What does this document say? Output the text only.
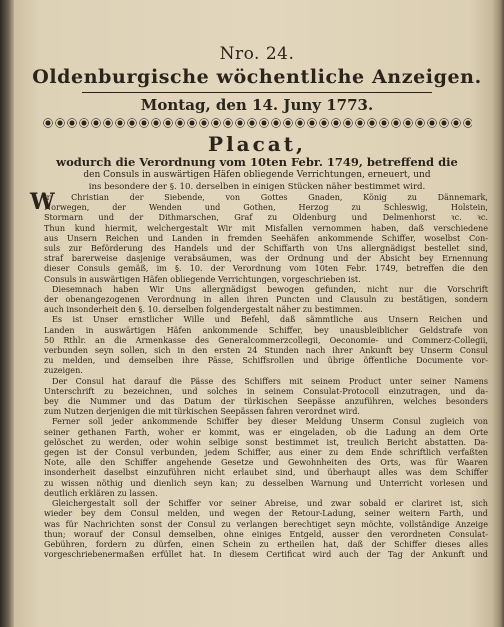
Nro. 24.
Oldenburgische wöchentliche Anzeigen.
Montag, den 14. Juny 1773.
Placat,
wodurch die Verordnung vom 10ten Febr. 1749, betreffend die
den Consuls in auswärtigen Häfen obliegende Verrichtungen, erneuert, und
ins besondere der §. 10. derselben in einigen Stücken näher bestimmet wird.
W
ir Christian der Siebende, von Gottes Gnaden, König zu Dännemark,
Norwegen, der Wenden und Gothen, Herzog zu Schleswig, Holstein,
Stormarn und der Dithmarschen, Graf zu Oldenburg und Delmenhorst ꝛc. ꝛc.
Thun kund hiermit, welchergestalt Wir mit Misfallen vernommen haben, daß verschiedene
aus Unsern Reichen und Landen in fremden Seehäfen ankommende Schiffer, woselbst Con-
suls zur Beförderung des Handels und der Schiffarth von Uns allergnädigst bestellet sind,
straf barerweise dasjenige verabsäumen, was der Ordnung und der Absicht bey Ernennung
dieser Consuls gemäß, im §. 10. der Verordnung vom 10ten Febr. 1749, betreffen die den
Consuls in auswärtigen Häfen obliegende Verrichtungen, vorgeschrieben ist.
Diesemnach haben Wir Uns allergnädigst bewogen gefunden, nicht nur die Vorschrift
der obenangezogenen Verordnung in allen ihren Puncten und Clausuln zu bestätigen, sondern
auch insonderheit den §. 10. derselben folgendergestalt näher zu bestimmen.
Es ist Unser ernstlicher Wille und Befehl, daß sämmtliche aus Unsern Reichen und
Landen in auswärtigen Häfen ankommende Schiffer, bey unausbleiblicher Geldstrafe von
50 Rthlr. an die Armenkasse des Generalcommerzcollegii, Oeconomie- und Commerz-Collegii,
verbunden seyn sollen, sich in den ersten 24 Stunden nach ihrer Ankunft bey Unserm Consul
zu melden, und demselben ihre Pässe, Schiffsrollen und übrige öffentliche Documente vor-
zuzeigen.
Der Consul hat darauf die Pässe des Schiffers mit seinem Product unter seiner Namens
Unterschrift zu bezeichnen, und solches in seinem Consulat-Protocoll einzutragen, und da-
bey die Nummer und das Datum der türkischen Seepässe anzuführen, welches besonders
zum Nutzen derjenigen die mit türkischen Seepässen fahren verordnet wird.
Ferner soll jeder ankommende Schiffer bey dieser Meldung Unserm Consul zugleich von
seiner gethanen Farth, woher er kommt, was er eingeladen, ob die Ladung an dem Orte
gelöschet zu werden, oder wohin selbige sonst bestimmet ist, treulich Bericht abstatten. Da-
gegen ist der Consul verbunden, jedem Schiffer, aus einer zu dem Ende schriftlich verfaßten
Note, alle den Schiffer angehende Gesetze und Gewohnheiten des Orts, was für Waaren
insonderheit daselbst einzuführen nicht erlaubet sind, und überhaupt alles was dem Schiffer
zu wissen nöthig und dienlich seyn kan; zu desselben Warnung und Unterricht vorlesen und
deutlich erklären zu lassen.
Gleichergestalt soll der Schiffer vor seiner Abreise, und zwar sobald er clariret ist, sich
wieder bey dem Consul melden, und wegen der Retour-Ladung, seiner weitern Farth, und
was für Nachrichten sonst der Consul zu verlangen berechtiget seyn möchte, vollständige Anzeige
thun; worauf der Consul demselben, ohne einiges Entgeld, ausser den verordneten Consulat-
Gebühren, fordern zu dürfen, einen Schein zu ertheilen hat, daß der Schiffer dieses alles
vorgeschriebenermaßen erfüllet hat. In diesem Certificat wird auch der Tag der Ankunft und
